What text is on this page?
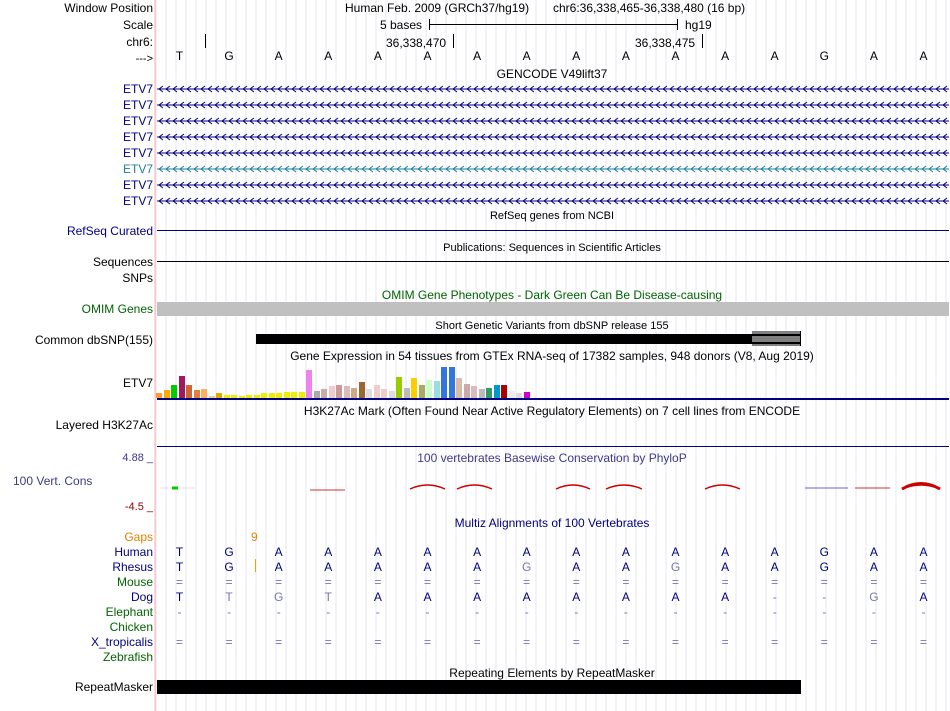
Window Position
Scale
chr6:
--->
Human Feb. 2009 (GRCh37/hg19) chr6:36,338,465-36,338,480 (16 bp)
5 bases	hg19
36,338,470	36,338,475
T	G	A	A	A	A	A	A	A	A	A	A	A	G	A	A
GENCODE V49lift37
ETV7
ETV7
ETV7
ETV7
ETV7
ETV7
ETV7
ETV7
RefSeq genes from NCBI
RefSeq Curated
Publications: Sequences in Scientific Articles
Sequences
SNPs
OMIM Gene Phenotypes - Dark Green Can Be Disease-causing
OMIM Genes
Short Genetic Variants from dbSNP release 155
Common dbSNP(155)
Gene Expression in 54 tissues from GTEx RNA-seq of 17382 samples, 948 donors (V8, Aug 2019)
ETV7
H3K27Ac Mark (Often Found Near Active Regulatory Elements) on 7 cell lines from ENCODE
Layered H3K27Ac
4.88 _	100 vertebrates Basewise Conservation by PhyloP
100 Vert. Cons
-4.5 _
Multiz Alignments of 100 Vertebrates
Gaps	9
Human	T	G	A	A	A	A	A	A	A	A	A	A	A	G	A	A
Rhesus	T	G	A	A	A	A	A	G	A	A	G	A	A	G	A	A
Mouse	=	=	=	=	=	=	=	=	=	=	=	=	=	=	=	=
Dog	T	T	G	T	A	A	A	A	A	A	A	A	-	-	G	A
Elephant	-	-	-	-	-	-	-	-	-	-	-	-	-	-	-	-
Chicken
X_tropicalis	=	=	=	=	=	=	=	=	=	=	=	=	=	=	=	=
Zebrafish
Repeating Elements by RepeatMasker
RepeatMasker
